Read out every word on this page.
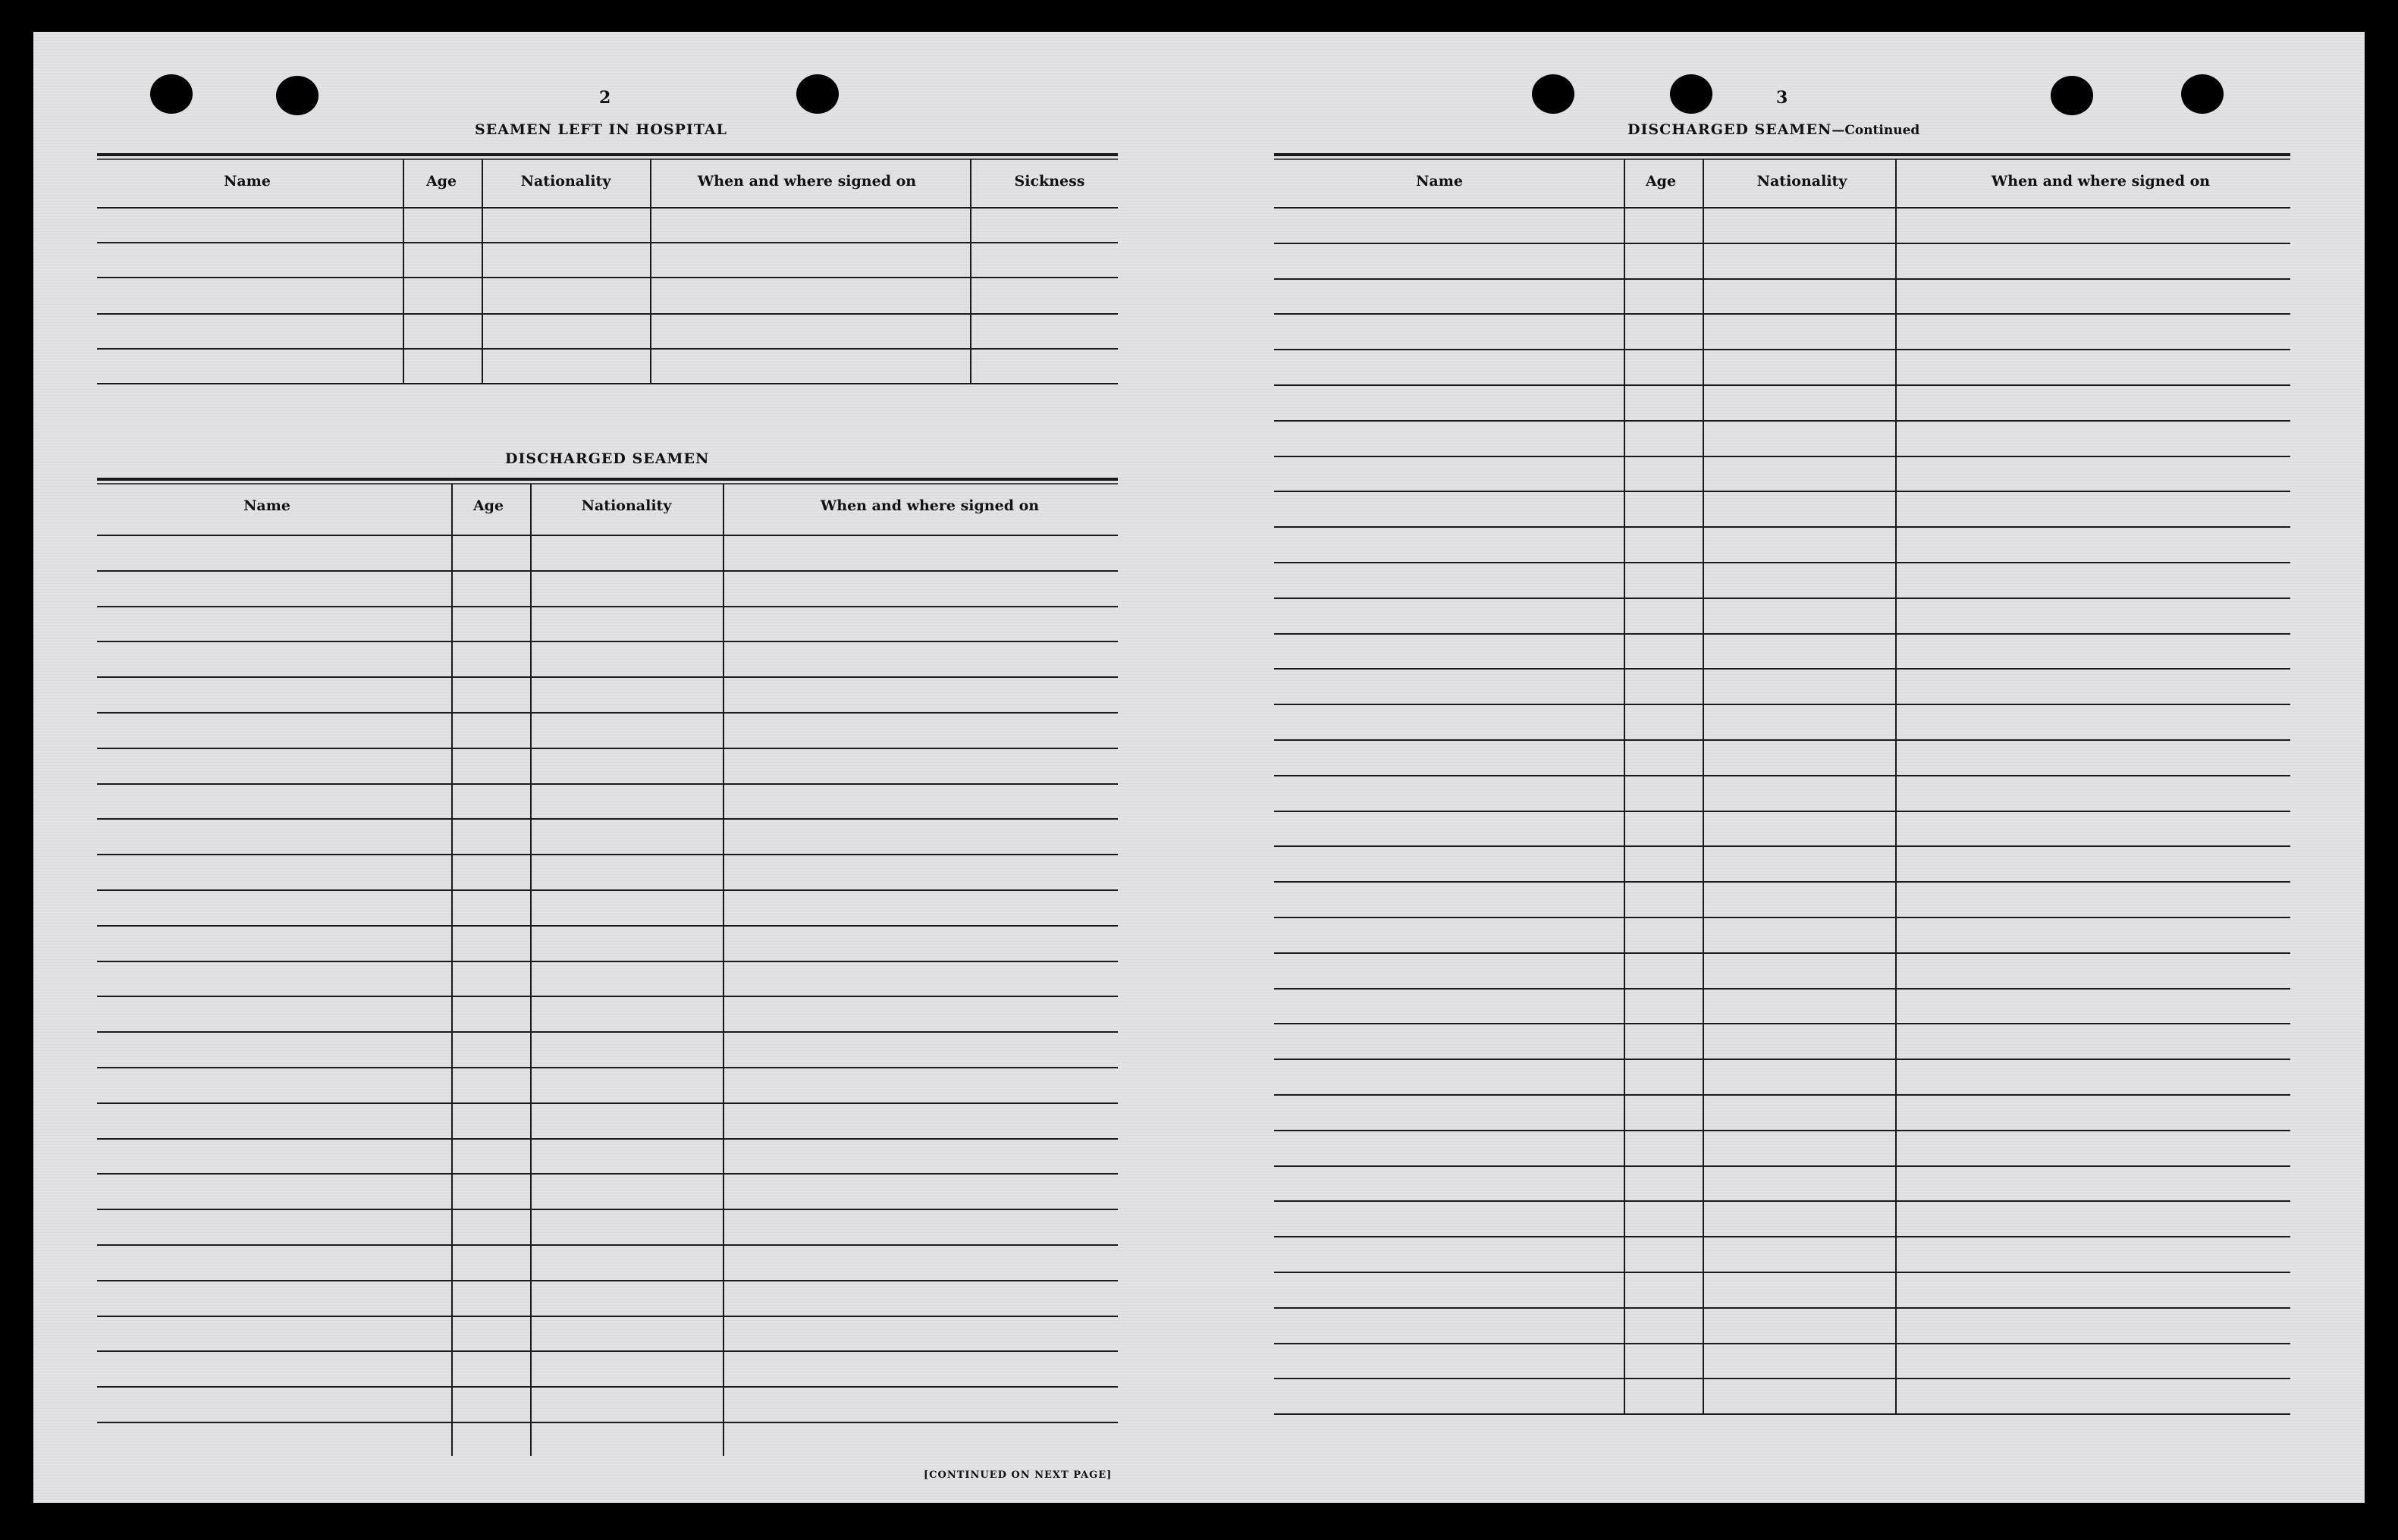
2	3
SEAMEN LEFT IN HOSPITAL
DISCHARGED SEAMEN
DISCHARGED SEAMEN—Continued
Name	Age	Nationality	When and where signed on	Sickness
Name	Age	Nationality	When and where signed on
Name	Age	Nationality	When and where signed on
[CONTINUED ON NEXT PAGE]
